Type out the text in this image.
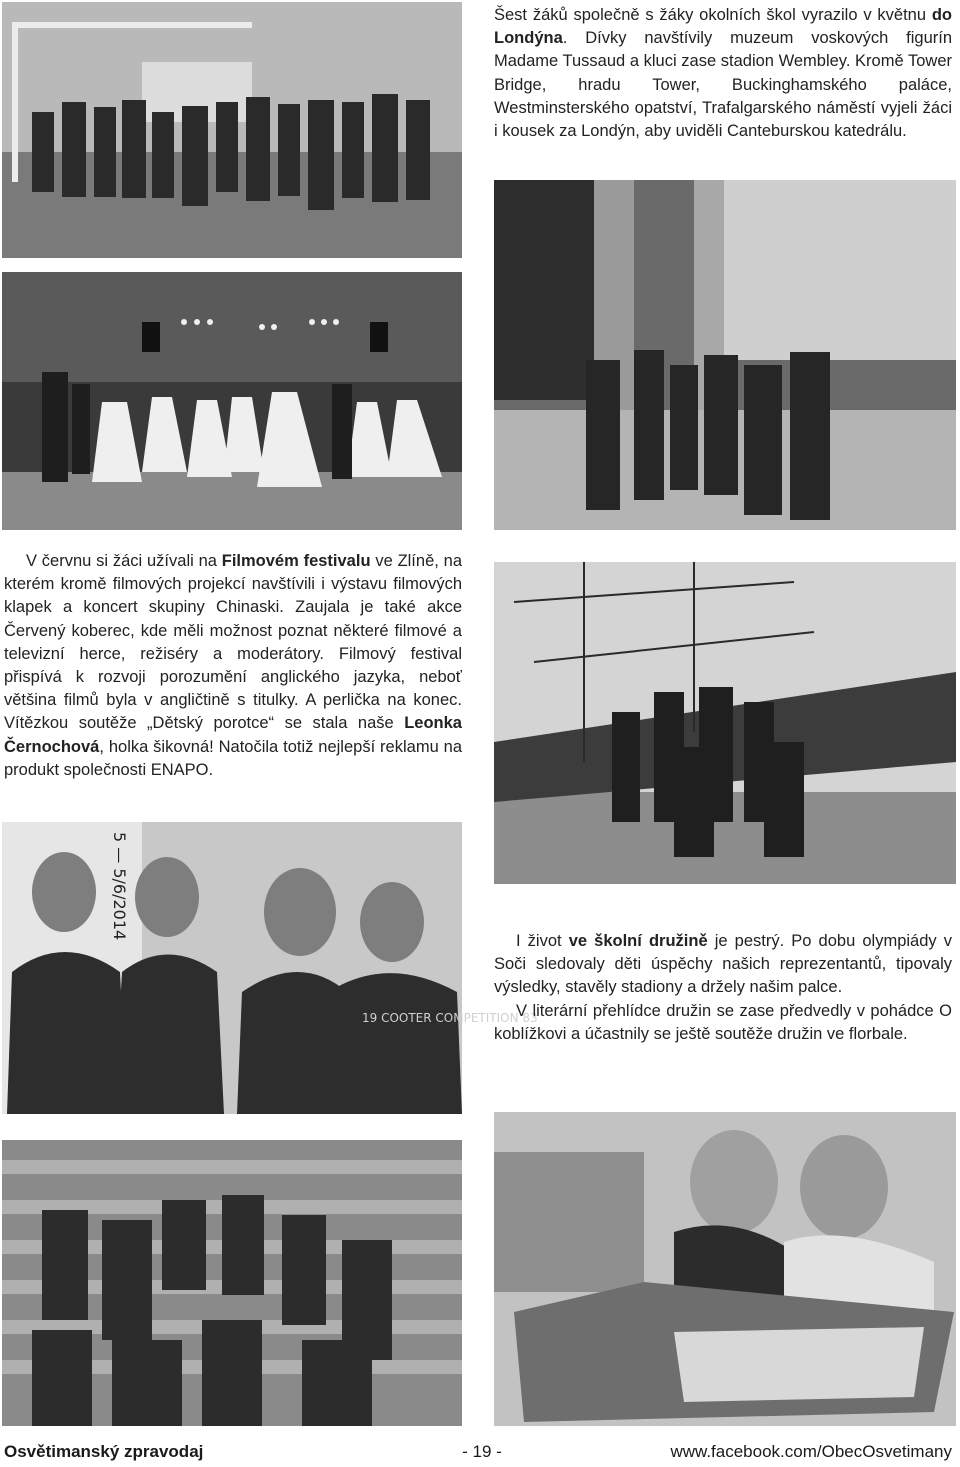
Šest žáků společně s žáky okolních škol vyrazilo v květnu do Londýna. Dívky navštívily muzeum voskových figurín Madame Tussaud a kluci zase stadion Wembley. Kromě Tower Bridge, hradu Tower, Buckinghamského paláce, Westminsterského opatství, Trafalgarského náměstí vyjeli žáci i kousek za Londýn, aby uviděli Canteburskou katedrálu.

V červnu si žáci užívali na Filmovém festivalu ve Zlíně, na kterém kromě filmových projekcí navštívili i výstavu filmových klapek a koncert skupiny Chinaski. Zaujala je také akce Červený koberec, kde měli možnost poznat některé filmové a televizní herce, režiséry a moderátory. Filmový festival přispívá k rozvoji porozumění anglického jazyka, neboť většina filmů byla v angličtině s titulky. A perlička na konec. Vítězkou soutěže „Dětský porotce“ se stala naše Leonka Černochová, holka šikovná! Natočila totiž nejlepší reklamu na produkt společnosti ENAPO.

5 — 5/6/2014
19 COOTER COMPETITION 83

I život ve školní družině je pestrý. Po dobu olympiády v Soči sledovaly děti úspěchy našich reprezentantů, tipovaly výsledky, stavěly stadiony a držely našim palce.

V literární přehlídce družin se zase předvedly v pohádce O koblížkovi a účastnily se ještě soutěže družin ve florbale.

Osvětimanský zpravodaj	- 19 -	www.facebook.com/ObecOsvetimany
